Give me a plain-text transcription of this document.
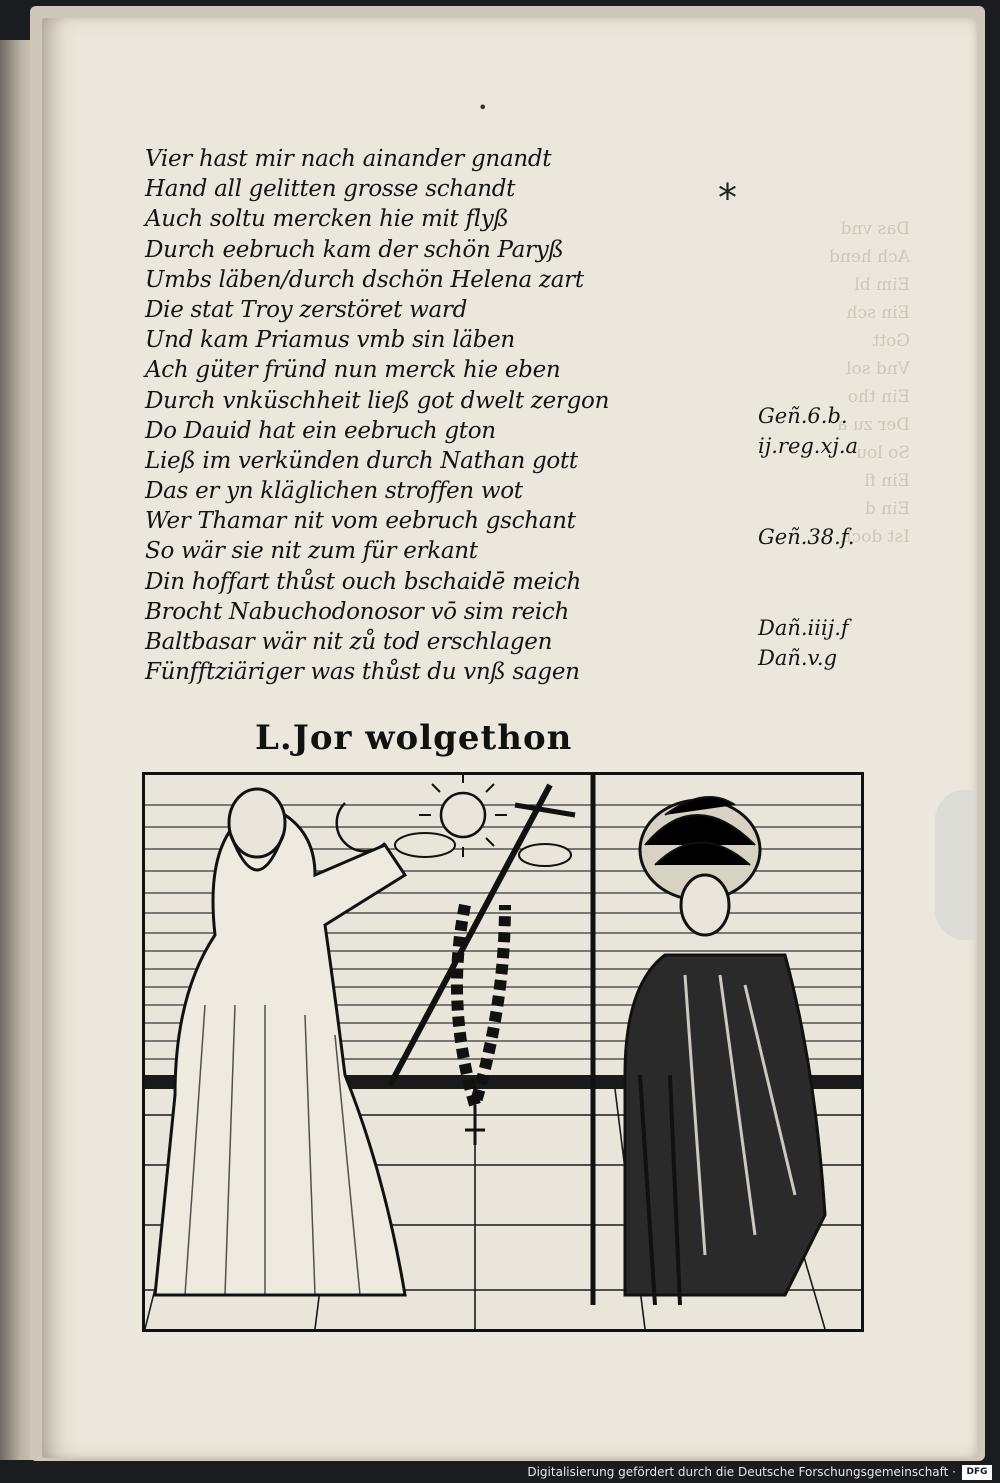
Das vnd
Ach hend
Eim bl
Ein sch
Gott
Vnd sol
Ein tho
Der zu a
So lou
Ein fl
Ein d
Ist doch
•
*
Vier hast mir nach ainander gnandt
Hand all gelitten grosse schandt
Auch soltu mercken hie mit flyß
Durch eebruch kam der schön Paryß
Umbs läben/durch dschön Helena zart
Die stat Troy zerstöret ward
Und kam Priamus vmb sin läben
Ach güter fründ nun merck hie eben
Durch vnküschheit ließ got dwelt zergon
Do Dauid hat ein eebruch gton
Ließ im verkünden durch Nathan gott
Das er yn kläglichen stroffen wot
Wer Thamar nit vom eebruch gschant
So wär sie nit zum für erkant
Din hoffart thůst ouch bschaidē meich
Brocht Nabuchodonosor vō sim reich
Baltbasar wär nit zů tod erschlagen
Fünfftziäriger was thůst du vnß sagen
Geñ.6.b.
ij.reg.xj.a
Geñ.38.f.
Dañ.iiij.f
Dañ.v.g
L.Jor wolgethon
Digitalisierung gefördert durch die Deutsche Forschungsgemeinschaft ·	DFG
